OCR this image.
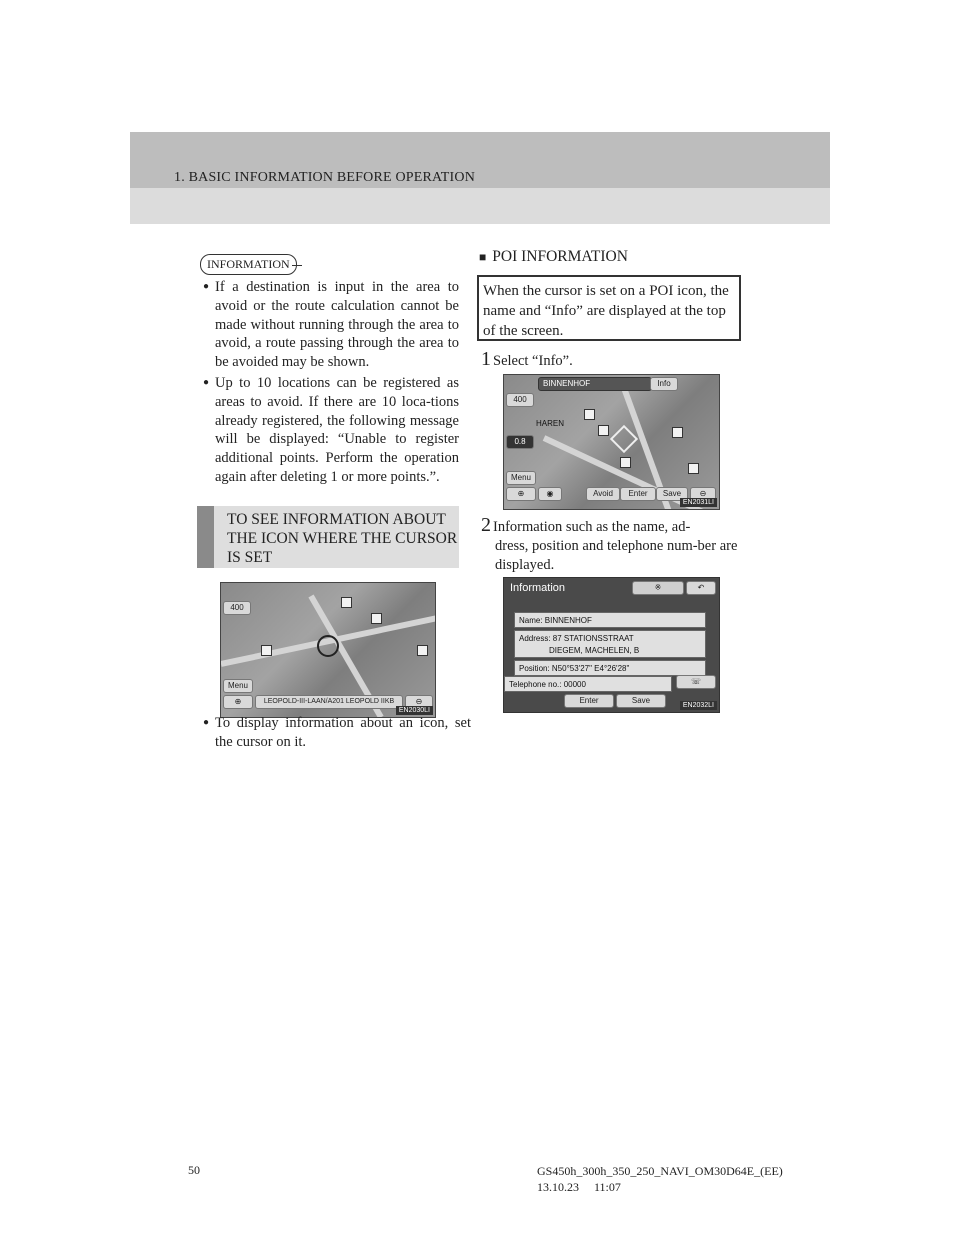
1. BASIC INFORMATION BEFORE OPERATION
INFORMATION
● If a destination is input in the area to avoid or the route calculation cannot be made without running through the area to avoid, a route passing through the area to be avoided may be shown.
● Up to 10 locations can be registered as areas to avoid. If there are 10 loca-tions already registered, the following message will be displayed: “Unable to register additional points. Perform the operation again after deleting 1 or more points.”.
TO SEE INFORMATION ABOUT THE ICON WHERE THE CURSOR IS SET
400
Menu
⊕	LEOPOLD-III-LAAN/A201 LEOPOLD IIKB	⊖
EN2030LI
● To display information about an icon, set the cursor on it.
■ POI INFORMATION
When the cursor is set on a POI icon, the name and “Info” are displayed at the top of the screen.
1 Select “Info”.
BINNENHOF	Info
400
0.8
HAREN
Menu
⊕	◉	Avoid	Enter	Save	⊖
EN2031LI
2 Information such as the name, ad-
dress, position and telephone num-ber are displayed.
Information	※	↶
Name: BINNENHOF
Address: 87 STATIONSSTRAAT
DIEGEM, MACHELEN, B
Position: N50°53'27" E4°26'28"
Telephone no.: 00000	☏
Enter	Save
EN2032LI
50	GS450h_300h_350_250_NAVI_OM30D64E_(EE)
13.10.23     11:07
